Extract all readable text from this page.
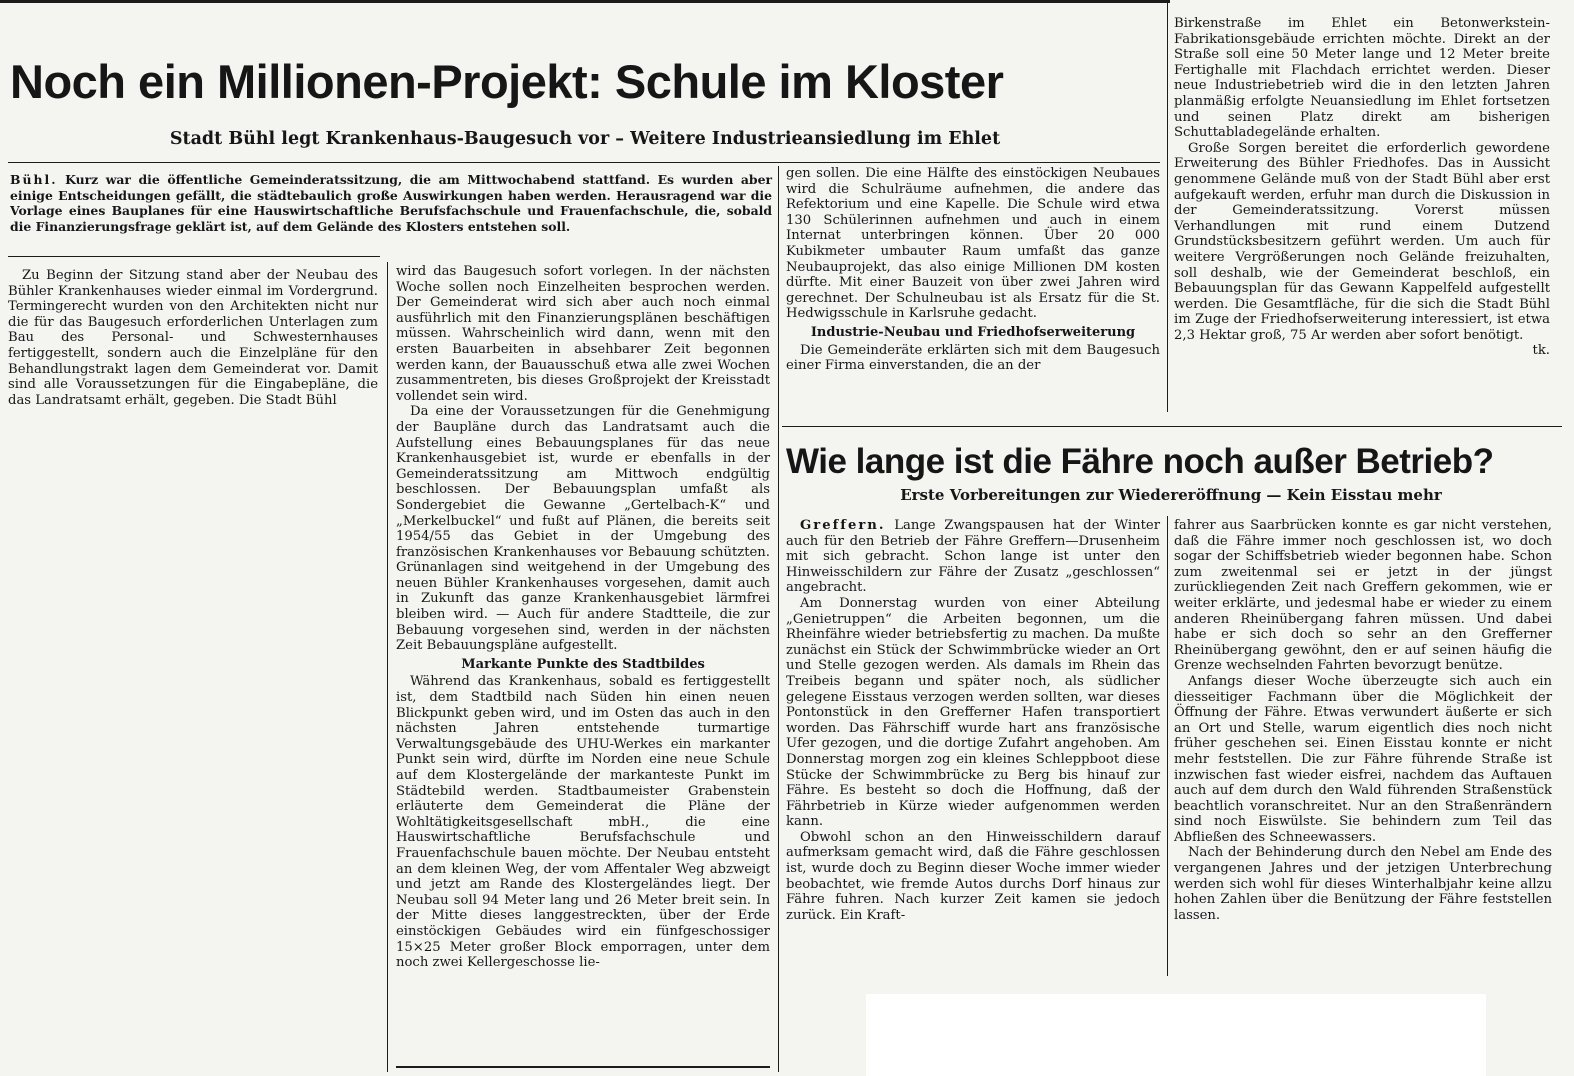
Noch ein Millionen-Projekt: Schule im Kloster
Stadt Bühl legt Krankenhaus-Baugesuch vor – Weitere Industrieansiedlung im Ehlet
Bühl. Kurz war die öffentliche Gemeinderatssitzung, die am Mittwochabend stattfand. Es wurden aber einige Entscheidungen gefällt, die städtebaulich große Auswirkungen haben werden. Herausragend war die Vorlage eines Bauplanes für eine Hauswirtschaftliche Berufsfachschule und Frauenfachschule, die, sobald die Finanzierungsfrage geklärt ist, auf dem Gelände des Klosters entstehen soll.

Zu Beginn der Sitzung stand aber der Neubau des Bühler Krankenhauses wieder einmal im Vordergrund. Termingerecht wurden von den Architekten nicht nur die für das Baugesuch erforderlichen Unterlagen zum Bau des Personal- und Schwesternhauses fertiggestellt, sondern auch die Einzelpläne für den Behandlungstrakt lagen dem Gemeinderat vor. Damit sind alle Voraussetzungen für die Eingabepläne, die das Landratsamt erhält, gegeben. Die Stadt Bühl

wird das Baugesuch sofort vorlegen. In der nächsten Woche sollen noch Einzelheiten besprochen werden. Der Gemeinderat wird sich aber auch noch einmal ausführlich mit den Finanzierungsplänen beschäftigen müssen. Wahrscheinlich wird dann, wenn mit den ersten Bauarbeiten in absehbarer Zeit begonnen werden kann, der Bauausschuß etwa alle zwei Wochen zusammentreten, bis dieses Großprojekt der Kreisstadt vollendet sein wird.

Da eine der Voraussetzungen für die Genehmigung der Baupläne durch das Landratsamt auch die Aufstellung eines Bebauungsplanes für das neue Krankenhausgebiet ist, wurde er ebenfalls in der Gemeinderatssitzung am Mittwoch endgültig beschlossen. Der Bebauungsplan umfaßt als Sondergebiet die Gewanne „Gertelbach-K“ und „Merkelbuckel“ und fußt auf Plänen, die bereits seit 1954/55 das Gebiet in der Umgebung des französischen Krankenhauses vor Bebauung schützten. Grünanlagen sind weitgehend in der Umgebung des neuen Bühler Krankenhauses vorgesehen, damit auch in Zukunft das ganze Krankenhausgebiet lärmfrei bleiben wird. — Auch für andere Stadtteile, die zur Bebauung vorgesehen sind, werden in der nächsten Zeit Bebauungspläne aufgestellt.

Markante Punkte des Stadtbildes

Während das Krankenhaus, sobald es fertiggestellt ist, dem Stadtbild nach Süden hin einen neuen Blickpunkt geben wird, und im Osten das auch in den nächsten Jahren entstehende turmartige Verwaltungsgebäude des UHU-Werkes ein markanter Punkt sein wird, dürfte im Norden eine neue Schule auf dem Klostergelände der markanteste Punkt im Städtebild werden. Stadtbaumeister Grabenstein erläuterte dem Gemeinderat die Pläne der Wohltätigkeitsgesellschaft mbH., die eine Hauswirtschaftliche Berufsfachschule und Frauenfachschule bauen möchte. Der Neubau entsteht an dem kleinen Weg, der vom Affentaler Weg abzweigt und jetzt am Rande des Klostergeländes liegt. Der Neubau soll 94 Meter lang und 26 Meter breit sein. In der Mitte dieses langgestreckten, über der Erde einstöckigen Gebäudes wird ein fünfgeschossiger 15×25 Meter großer Block emporragen, unter dem noch zwei Kellergeschosse lie-

gen sollen. Die eine Hälfte des einstöckigen Neubaues wird die Schulräume aufnehmen, die andere das Refektorium und eine Kapelle. Die Schule wird etwa 130 Schülerinnen aufnehmen und auch in einem Internat unterbringen können. Über 20 000 Kubikmeter umbauter Raum umfaßt das ganze Neubauprojekt, das also einige Millionen DM kosten dürfte. Mit einer Bauzeit von über zwei Jahren wird gerechnet. Der Schulneubau ist als Ersatz für die St. Hedwigsschule in Karlsruhe gedacht.

Industrie-Neubau und Friedhofserweiterung

Die Gemeinderäte erklärten sich mit dem Baugesuch einer Firma einverstanden, die an der

Birkenstraße im Ehlet ein Betonwerkstein-Fabrikationsgebäude errichten möchte. Direkt an der Straße soll eine 50 Meter lange und 12 Meter breite Fertighalle mit Flachdach errichtet werden. Dieser neue Industriebetrieb wird die in den letzten Jahren planmäßig erfolgte Neuansiedlung im Ehlet fortsetzen und seinen Platz direkt am bisherigen Schuttabladegelände erhalten.

Große Sorgen bereitet die erforderlich gewordene Erweiterung des Bühler Friedhofes. Das in Aussicht genommene Gelände muß von der Stadt Bühl aber erst aufgekauft werden, erfuhr man durch die Diskussion in der Gemeinderatssitzung. Vorerst müssen Verhandlungen mit rund einem Dutzend Grundstücksbesitzern geführt werden. Um auch für weitere Vergrößerungen noch Gelände freizuhalten, soll deshalb, wie der Gemeinderat beschloß, ein Bebauungsplan für das Gewann Kappelfeld aufgestellt werden. Die Gesamtfläche, für die sich die Stadt Bühl im Zuge der Friedhofserweiterung interessiert, ist etwa 2,3 Hektar groß, 75 Ar werden aber sofort benötigt.

tk.
Wie lange ist die Fähre noch außer Betrieb?
Erste Vorbereitungen zur Wiedereröffnung — Kein Eisstau mehr

Greffern. Lange Zwangspausen hat der Winter auch für den Betrieb der Fähre Greffern—Drusenheim mit sich gebracht. Schon lange ist unter den Hinweisschildern zur Fähre der Zusatz „geschlossen“ angebracht.

Am Donnerstag wurden von einer Abteilung „Genietruppen“ die Arbeiten begonnen, um die Rheinfähre wieder betriebsfertig zu machen. Da mußte zunächst ein Stück der Schwimmbrücke wieder an Ort und Stelle gezogen werden. Als damals im Rhein das Treibeis begann und später noch, als südlicher gelegene Eisstaus verzogen werden sollten, war dieses Pontonstück in den Grefferner Hafen transportiert worden. Das Fährschiff wurde hart ans französische Ufer gezogen, und die dortige Zufahrt angehoben. Am Donnerstag morgen zog ein kleines Schleppboot diese Stücke der Schwimmbrücke zu Berg bis hinauf zur Fähre. Es besteht so doch die Hoffnung, daß der Fährbetrieb in Kürze wieder aufgenommen werden kann.

Obwohl schon an den Hinweisschildern darauf aufmerksam gemacht wird, daß die Fähre geschlossen ist, wurde doch zu Beginn dieser Woche immer wieder beobachtet, wie fremde Autos durchs Dorf hinaus zur Fähre fuhren. Nach kurzer Zeit kamen sie jedoch zurück. Ein Kraft-

fahrer aus Saarbrücken konnte es gar nicht verstehen, daß die Fähre immer noch geschlossen ist, wo doch sogar der Schiffsbetrieb wieder begonnen habe. Schon zum zweitenmal sei er jetzt in der jüngst zurückliegenden Zeit nach Greffern gekommen, wie er weiter erklärte, und jedesmal habe er wieder zu einem anderen Rheinübergang fahren müssen. Und dabei habe er sich doch so sehr an den Grefferner Rheinübergang gewöhnt, den er auf seinen häufig die Grenze wechselnden Fahrten bevorzugt benütze.

Anfangs dieser Woche überzeugte sich auch ein diesseitiger Fachmann über die Möglichkeit der Öffnung der Fähre. Etwas verwundert äußerte er sich an Ort und Stelle, warum eigentlich dies noch nicht früher geschehen sei. Einen Eisstau konnte er nicht mehr feststellen. Die zur Fähre führende Straße ist inzwischen fast wieder eisfrei, nachdem das Auftauen auch auf dem durch den Wald führenden Straßenstück beachtlich voranschreitet. Nur an den Straßenrändern sind noch Eiswülste. Sie behindern zum Teil das Abfließen des Schneewassers.

Nach der Behinderung durch den Nebel am Ende des vergangenen Jahres und der jetzigen Unterbrechung werden sich wohl für dieses Winterhalbjahr keine allzu hohen Zahlen über die Benützung der Fähre feststellen lassen.
